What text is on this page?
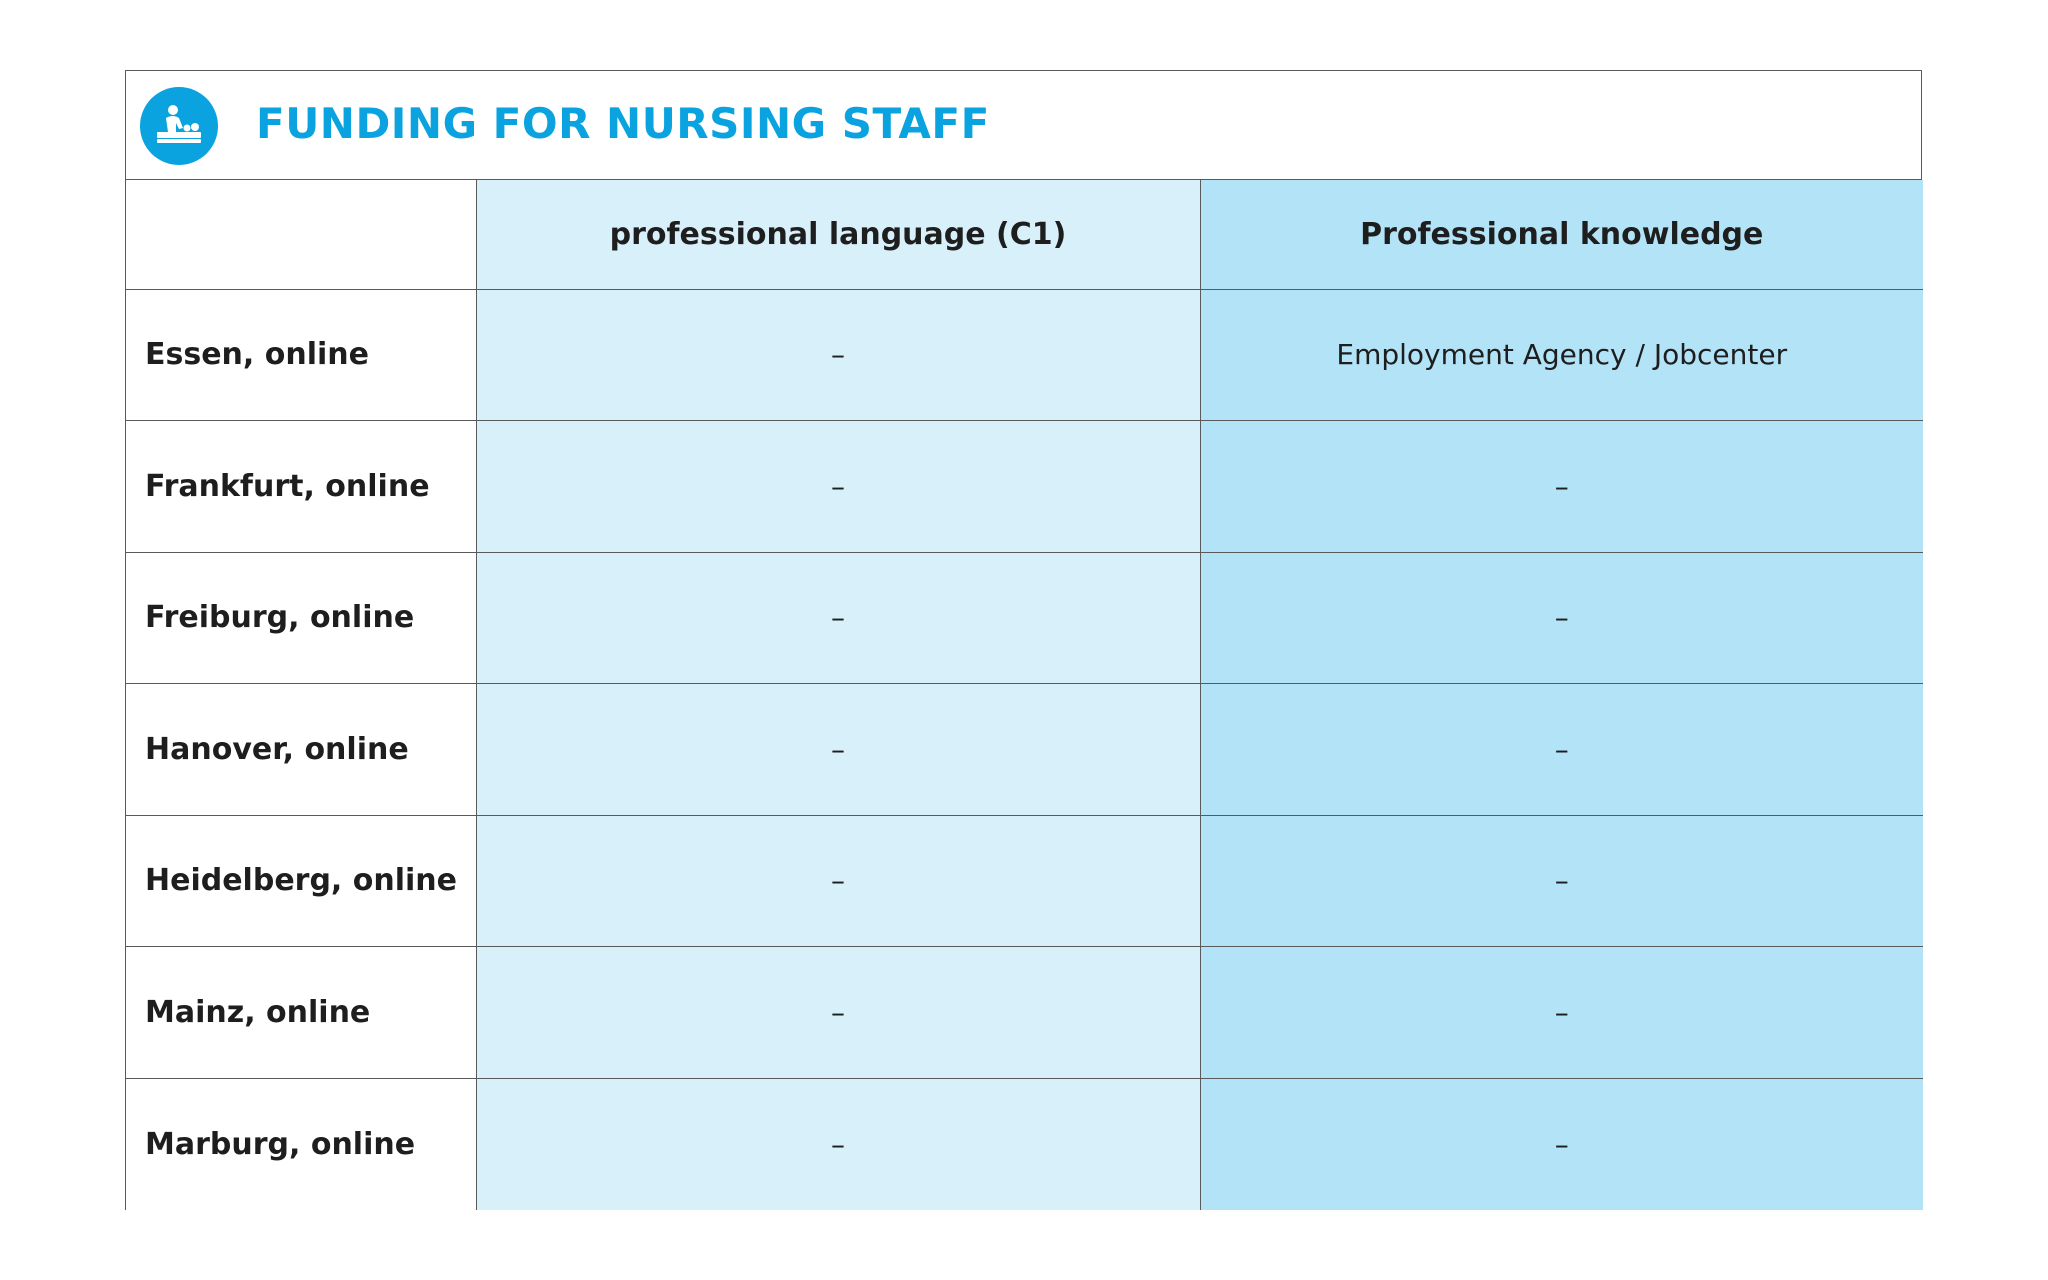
FUNDING FOR NURSING STAFF
	professional language (C1)	Professional knowledge
Essen, online	–	Employment Agency / Jobcenter
Frankfurt, online	–	–
Freiburg, online	–	–
Hanover, online	–	–
Heidelberg, online	–	–
Mainz, online	–	–
Marburg, online	–	–
